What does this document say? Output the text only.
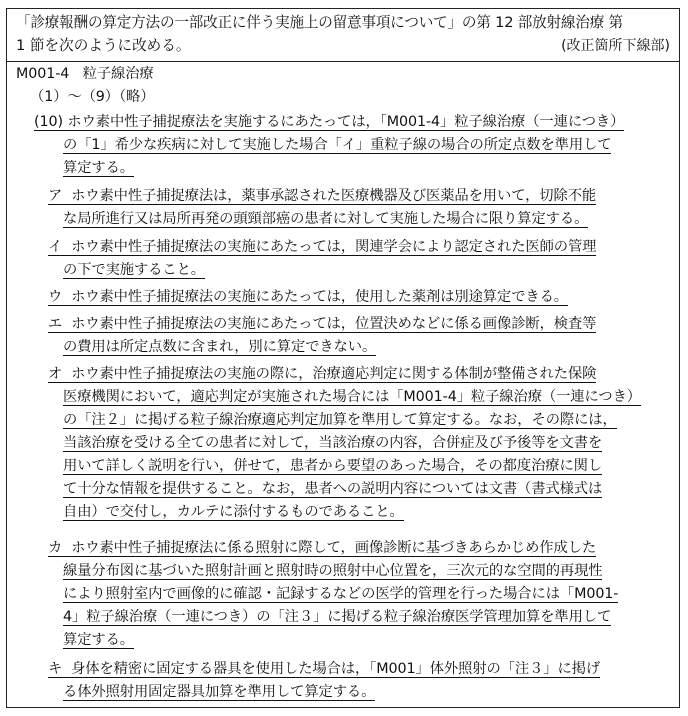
「診療報酬の算定方法の一部改正に伴う実施上の留意事項について」の第 12 部放射線治療 第
1 節を次のように改める。	(改正箇所下線部)
M001-4 粒子線治療
（1）～（9）（略）
(10) ホウ素中性子捕捉療法を実施するにあたっては，「M001-4」粒子線治療（一連につき）
の「1」希少な疾病に対して実施した場合「イ」重粒子線の場合の所定点数を準用して
算定する。
ア ホウ素中性子捕捉療法は，薬事承認された医療機器及び医薬品を用いて，切除不能
な局所進行又は局所再発の頭頸部癌の患者に対して実施した場合に限り算定する。
イ ホウ素中性子捕捉療法の実施にあたっては，関連学会により認定された医師の管理
の下で実施すること。
ウ ホウ素中性子捕捉療法の実施にあたっては，使用した薬剤は別途算定できる。
エ ホウ素中性子捕捉療法の実施にあたっては，位置決めなどに係る画像診断，検査等
の費用は所定点数に含まれ，別に算定できない。
オ ホウ素中性子捕捉療法の実施の際に，治療適応判定に関する体制が整備された保険
医療機関において，適応判定が実施された場合には「M001-4」粒子線治療（一連につき）
の「注２」に掲げる粒子線治療適応判定加算を準用して算定する。なお，その際には，
当該治療を受ける全ての患者に対して，当該治療の内容，合併症及び予後等を文書を
用いて詳しく説明を行い，併せて，患者から要望のあった場合，その都度治療に関し
て十分な情報を提供すること。なお，患者への説明内容については文書（書式様式は
自由）で交付し，カルテに添付するものであること。
カ ホウ素中性子捕捉療法に係る照射に際して，画像診断に基づきあらかじめ作成した
線量分布図に基づいた照射計画と照射時の照射中心位置を，三次元的な空間的再現性
により照射室内で画像的に確認・記録するなどの医学的管理を行った場合には「M001-
4」粒子線治療（一連につき）の「注３」に掲げる粒子線治療医学管理加算を準用して
算定する。
キ 身体を精密に固定する器具を使用した場合は，「M001」体外照射の「注３」に掲げ
る体外照射用固定器具加算を準用して算定する。
